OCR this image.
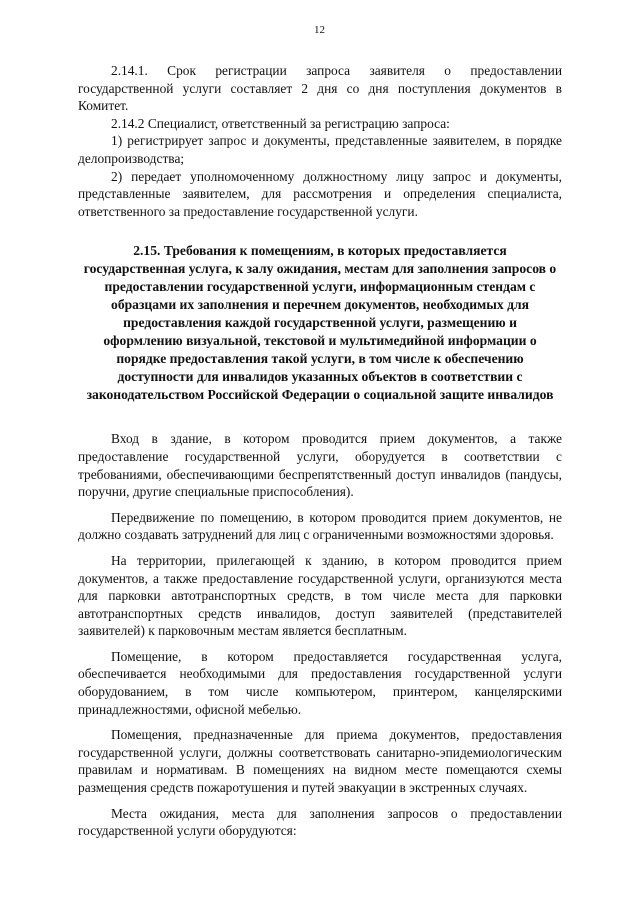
12

2.14.1. Срок регистрации запроса заявителя о предоставлении государственной услуги составляет 2 дня со дня поступления документов в Комитет.

2.14.2 Специалист, ответственный за регистрацию запроса:

1) регистрирует запрос и документы, представленные заявителем, в порядке делопроизводства;

2) передает уполномоченному должностному лицу запрос и документы, представленные заявителем, для рассмотрения и определения специалиста, ответственного за предоставление государственной услуги.

2.15. Требования к помещениям, в которых предоставляется государственная услуга, к залу ожидания, местам для заполнения запросов о предоставлении государственной услуги, информационным стендам с образцами их заполнения и перечнем документов, необходимых для предоставления каждой государственной услуги, размещению и оформлению визуальной, текстовой и мультимедийной информации о порядке предоставления такой услуги, в том числе к обеспечению доступности для инвалидов указанных объектов в соответствии с законодательством Российской Федерации о социальной защите инвалидов

Вход в здание, в котором проводится прием документов, а также предоставление государственной услуги, оборудуется в соответствии с требованиями, обеспечивающими беспрепятственный доступ инвалидов (пандусы, поручни, другие специальные приспособления).

Передвижение по помещению, в котором проводится прием документов, не должно создавать затруднений для лиц с ограниченными возможностями здоровья.

На территории, прилегающей к зданию, в котором проводится прием документов, а также предоставление государственной услуги, организуются места для парковки автотранспортных средств, в том числе места для парковки автотранспортных средств инвалидов, доступ заявителей (представителей заявителей) к парковочным местам является бесплатным.

Помещение, в котором предоставляется государственная услуга, обеспечивается необходимыми для предоставления государственной услуги оборудованием, в том числе компьютером, принтером, канцелярскими принадлежностями, офисной мебелью.

Помещения, предназначенные для приема документов, предоставления государственной услуги, должны соответствовать санитарно-эпидемиологическим правилам и нормативам. В помещениях на видном месте помещаются схемы размещения средств пожаротушения и путей эвакуации в экстренных случаях.

Места ожидания, места для заполнения запросов о предоставлении государственной услуги оборудуются:
